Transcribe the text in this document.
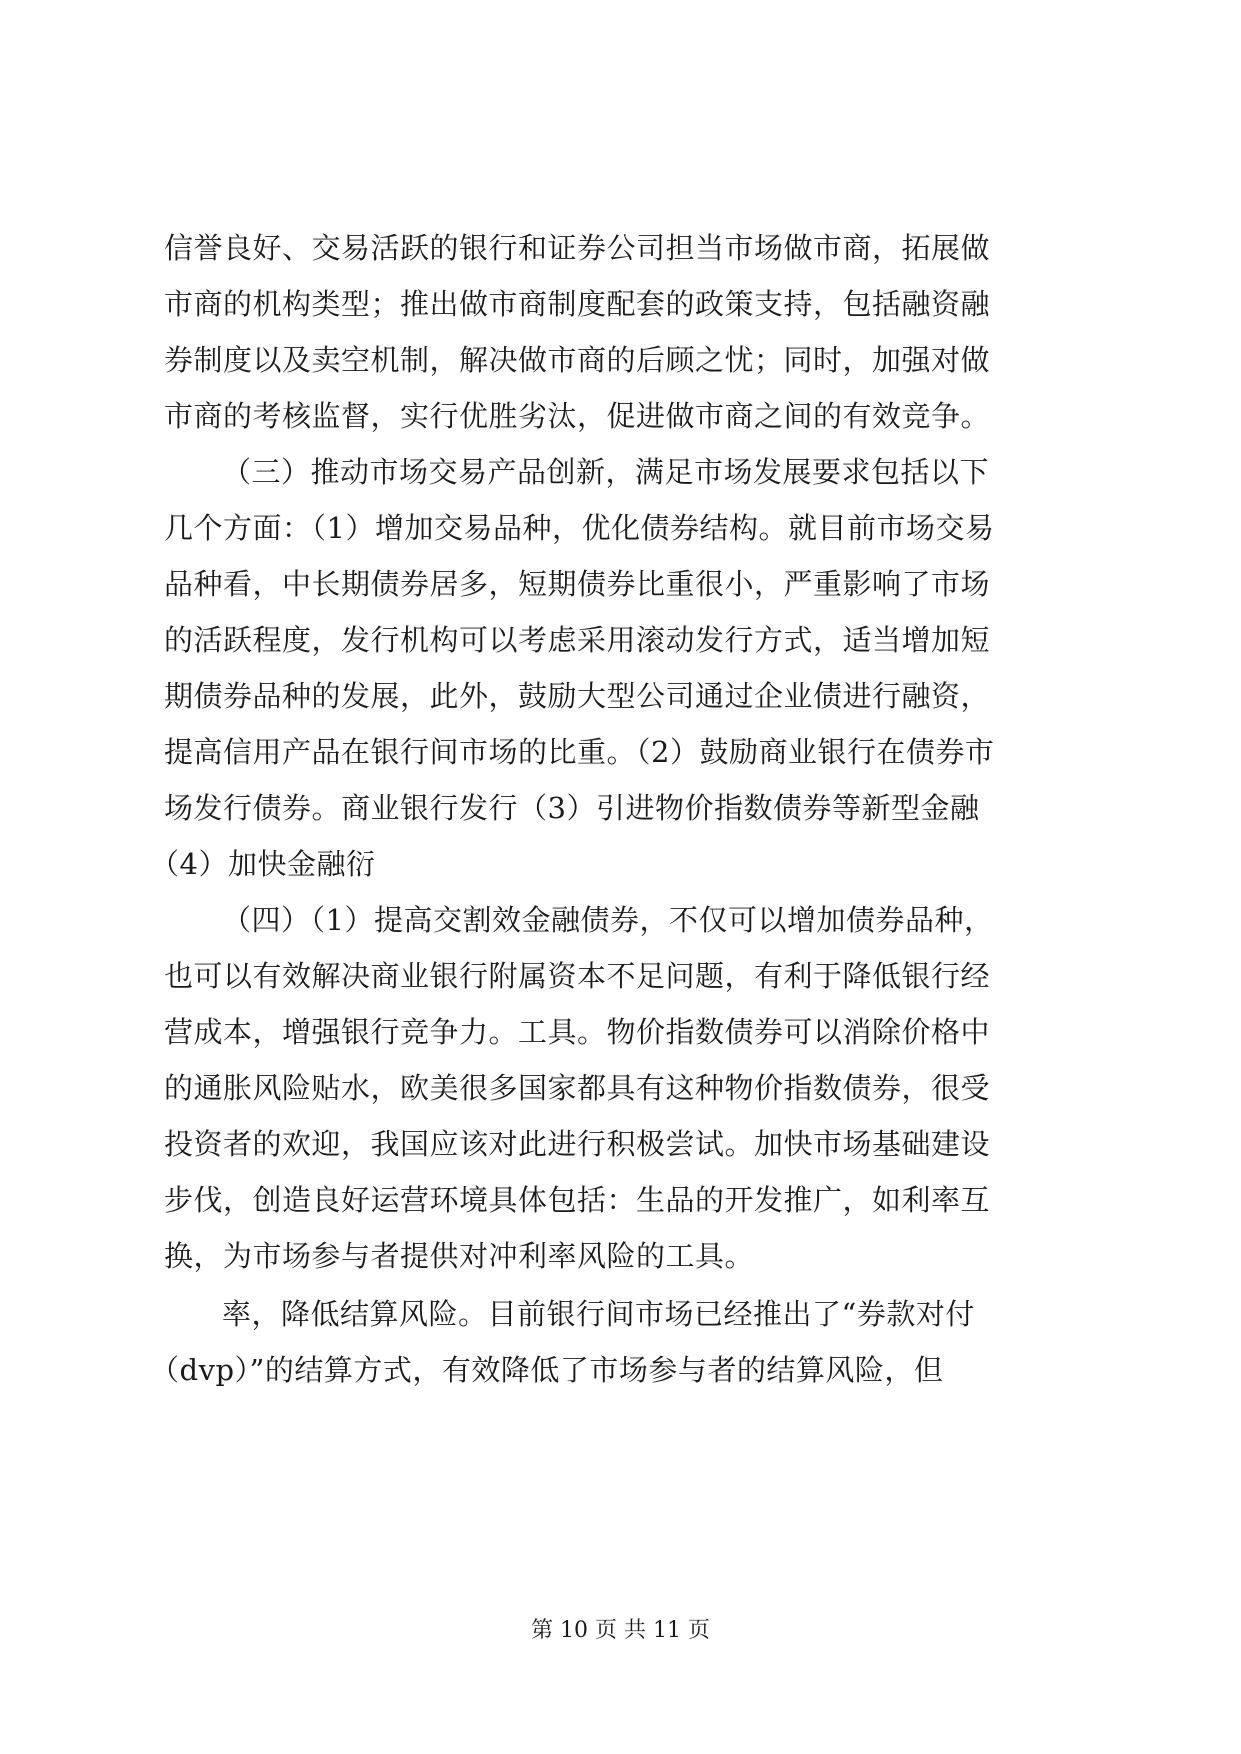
信誉良好、交易活跃的银行和证券公司担当市场做市商，拓展做
市商的机构类型；推出做市商制度配套的政策支持，包括融资融
券制度以及卖空机制，解决做市商的后顾之忧；同时，加强对做
市商的考核监督，实行优胜劣汰，促进做市商之间的有效竞争。
（三）推动市场交易产品创新，满足市场发展要求包括以下
几个方面：（1）增加交易品种，优化债券结构。就目前市场交易
品种看，中长期债券居多，短期债券比重很小，严重影响了市场
的活跃程度，发行机构可以考虑采用滚动发行方式，适当增加短
期债券品种的发展，此外，鼓励大型公司通过企业债进行融资，
提高信用产品在银行间市场的比重。（2）鼓励商业银行在债券市
场发行债券。商业银行发行（3）引进物价指数债券等新型金融
（4）加快金融衍
（四）（1）提高交割效金融债券，不仅可以增加债券品种，
也可以有效解决商业银行附属资本不足问题，有利于降低银行经
营成本，增强银行竞争力。工具。物价指数债券可以消除价格中
的通胀风险贴水，欧美很多国家都具有这种物价指数债券，很受
投资者的欢迎，我国应该对此进行积极尝试。加快市场基础建设
步伐，创造良好运营环境具体包括：生品的开发推广，如利率互
换，为市场参与者提供对冲利率风险的工具。
率，降低结算风险。目前银行间市场已经推出了“券款对付
（dvp）”的结算方式，有效降低了市场参与者的结算风险，但
第 10 页 共 11 页
